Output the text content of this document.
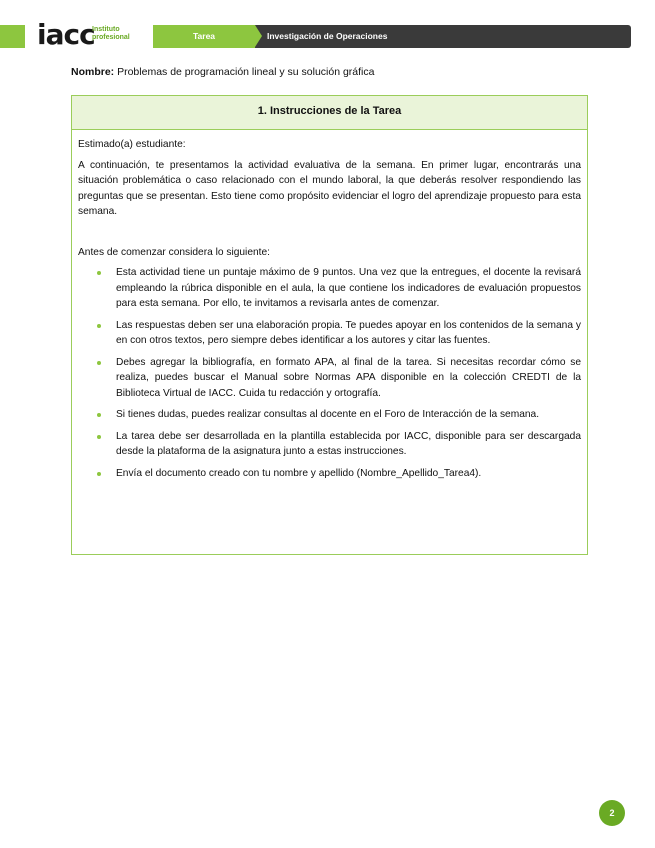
iacc
Instituto
profesional	Tarea	Investigación de Operaciones
Nombre: Problemas de programación lineal y su solución gráfica
1. Instrucciones de la Tarea

Estimado(a) estudiante:

A continuación, te presentamos la actividad evaluativa de la semana. En primer lugar, encontrarás una situación problemática o caso relacionado con el mundo laboral, la que deberás resolver respondiendo las preguntas que se presentan. Esto tiene como propósito evidenciar el logro del aprendizaje propuesto para esta semana.

Antes de comenzar considera lo siguiente:

Esta actividad tiene un puntaje máximo de 9 puntos. Una vez que la entregues, el docente la revisará empleando la rúbrica disponible en el aula, la que contiene los indicadores de evaluación propuestos para esta semana. Por ello, te invitamos a revisarla antes de comenzar.
Las respuestas deben ser una elaboración propia. Te puedes apoyar en los contenidos de la semana y en con otros textos, pero siempre debes identificar a los autores y citar las fuentes.
Debes agregar la bibliografía, en formato APA, al final de la tarea. Si necesitas recordar cómo se realiza, puedes buscar el Manual sobre Normas APA disponible en la colección CREDTI de la Biblioteca Virtual de IACC. Cuida tu redacción y ortografía.
Si tienes dudas, puedes realizar consultas al docente en el Foro de Interacción de la semana.
La tarea debe ser desarrollada en la plantilla establecida por IACC, disponible para ser descargada desde la plataforma de la asignatura junto a estas instrucciones.
Envía el documento creado con tu nombre y apellido (Nombre_Apellido_Tarea4).
2
